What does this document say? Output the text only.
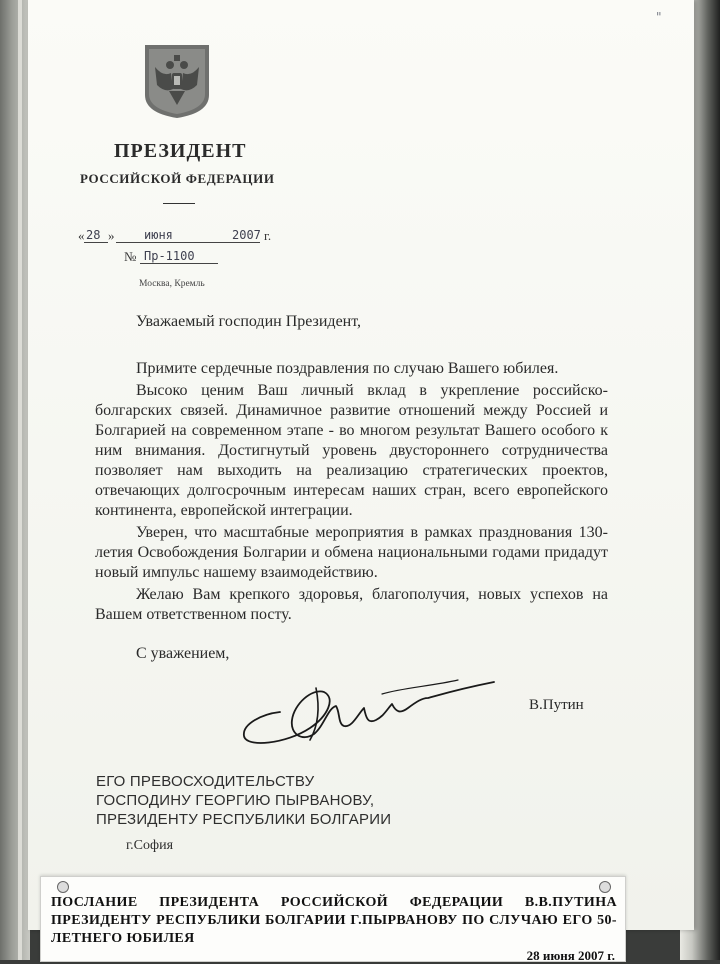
"
ПРЕЗИДЕНТ
РОССИЙСКОЙ ФЕДЕРАЦИИ
« 28 » июня	2007 г.
№ Пр-1100
Москва, Кремль
Уважаемый господин Президент,

Примите сердечные поздравления по случаю Вашего юбилея.

Высоко ценим Ваш личный вклад в укрепление российско-болгарских связей. Динамичное развитие отношений между Россией и Болгарией на современном этапе - во многом результат Вашего особого к ним внимания. Достигнутый уровень двустороннего сотрудничества позволяет нам выходить на реализацию стратегических проектов, отвечающих долгосрочным интересам наших стран, всего европейского континента, европейской интеграции.

Уверен, что масштабные мероприятия в рамках празднования 130-летия Освобождения Болгарии и обмена национальными годами придадут новый импульс нашему взаимодействию.

Желаю Вам крепкого здоровья, благополучия, новых успехов на Вашем ответственном посту.

С уважением,
В.Путин
ЕГО ПРЕВОСХОДИТЕЛЬСТВУ
ГОСПОДИНУ ГЕОРГИЮ ПЫРВАНОВУ,
ПРЕЗИДЕНТУ РЕСПУБЛИКИ БОЛГАРИИ
г.София
ПОСЛАНИЕ ПРЕЗИДЕНТА РОССИЙСКОЙ ФЕДЕРАЦИИ В.В.ПУТИНА ПРЕЗИДЕНТУ РЕСПУБЛИКИ БОЛГАРИИ Г.ПЫРВАНОВУ ПО СЛУЧАЮ ЕГО 50-ЛЕТНЕГО ЮБИЛЕЯ
28 июня 2007 г.
